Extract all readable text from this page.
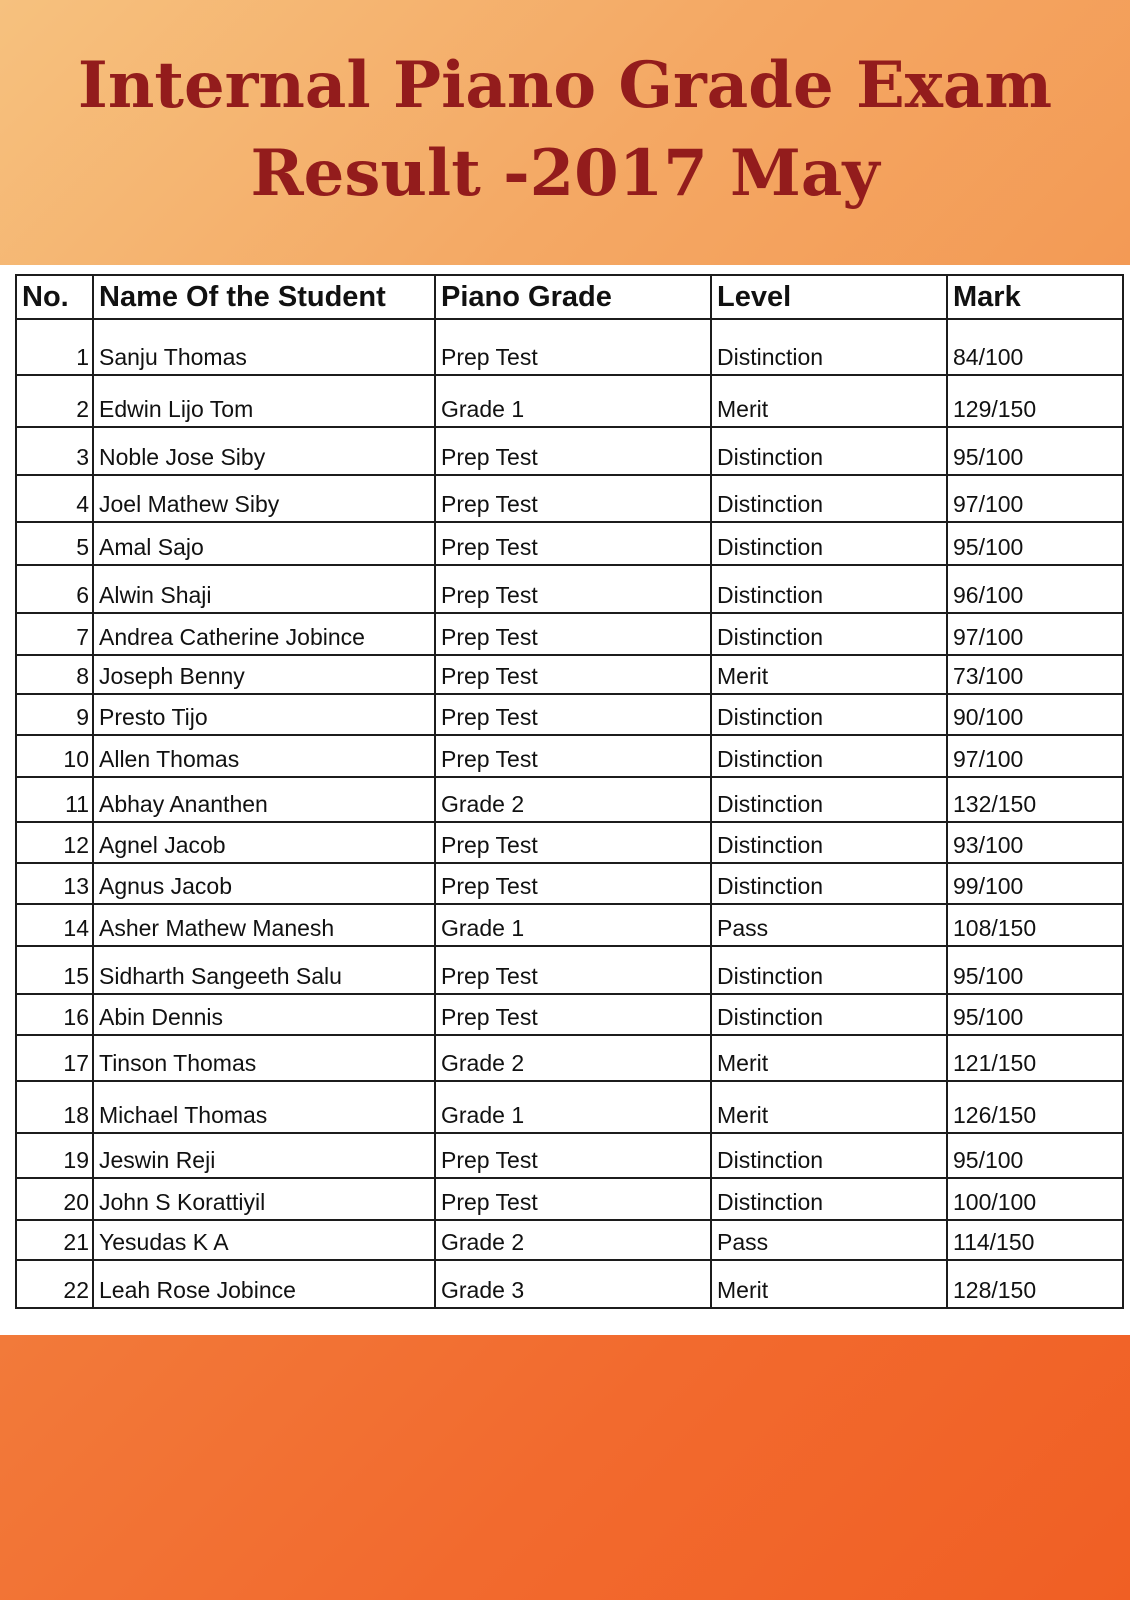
Internal Piano Grade Exam
Result -2017 May
No.	Name Of the Student	Piano Grade	Level	Mark
1	Sanju Thomas	Prep Test	Distinction	84/100
2	Edwin Lijo Tom	Grade 1	Merit	129/150
3	Noble Jose Siby	Prep Test	Distinction	95/100
4	Joel Mathew Siby	Prep Test	Distinction	97/100
5	Amal Sajo	Prep Test	Distinction	95/100
6	Alwin Shaji	Prep Test	Distinction	96/100
7	Andrea Catherine Jobince	Prep Test	Distinction	97/100
8	Joseph Benny	Prep Test	Merit	73/100
9	Presto Tijo	Prep Test	Distinction	90/100
10	Allen Thomas	Prep Test	Distinction	97/100
11	Abhay Ananthen	Grade 2	Distinction	132/150
12	Agnel Jacob	Prep Test	Distinction	93/100
13	Agnus Jacob	Prep Test	Distinction	99/100
14	Asher Mathew Manesh	Grade 1	Pass	108/150
15	Sidharth Sangeeth Salu	Prep Test	Distinction	95/100
16	Abin Dennis	Prep Test	Distinction	95/100
17	Tinson Thomas	Grade 2	Merit	121/150
18	Michael Thomas	Grade 1	Merit	126/150
19	Jeswin Reji	Prep Test	Distinction	95/100
20	John S Korattiyil	Prep Test	Distinction	100/100
21	Yesudas K A	Grade 2	Pass	114/150
22	Leah Rose Jobince	Grade 3	Merit	128/150
